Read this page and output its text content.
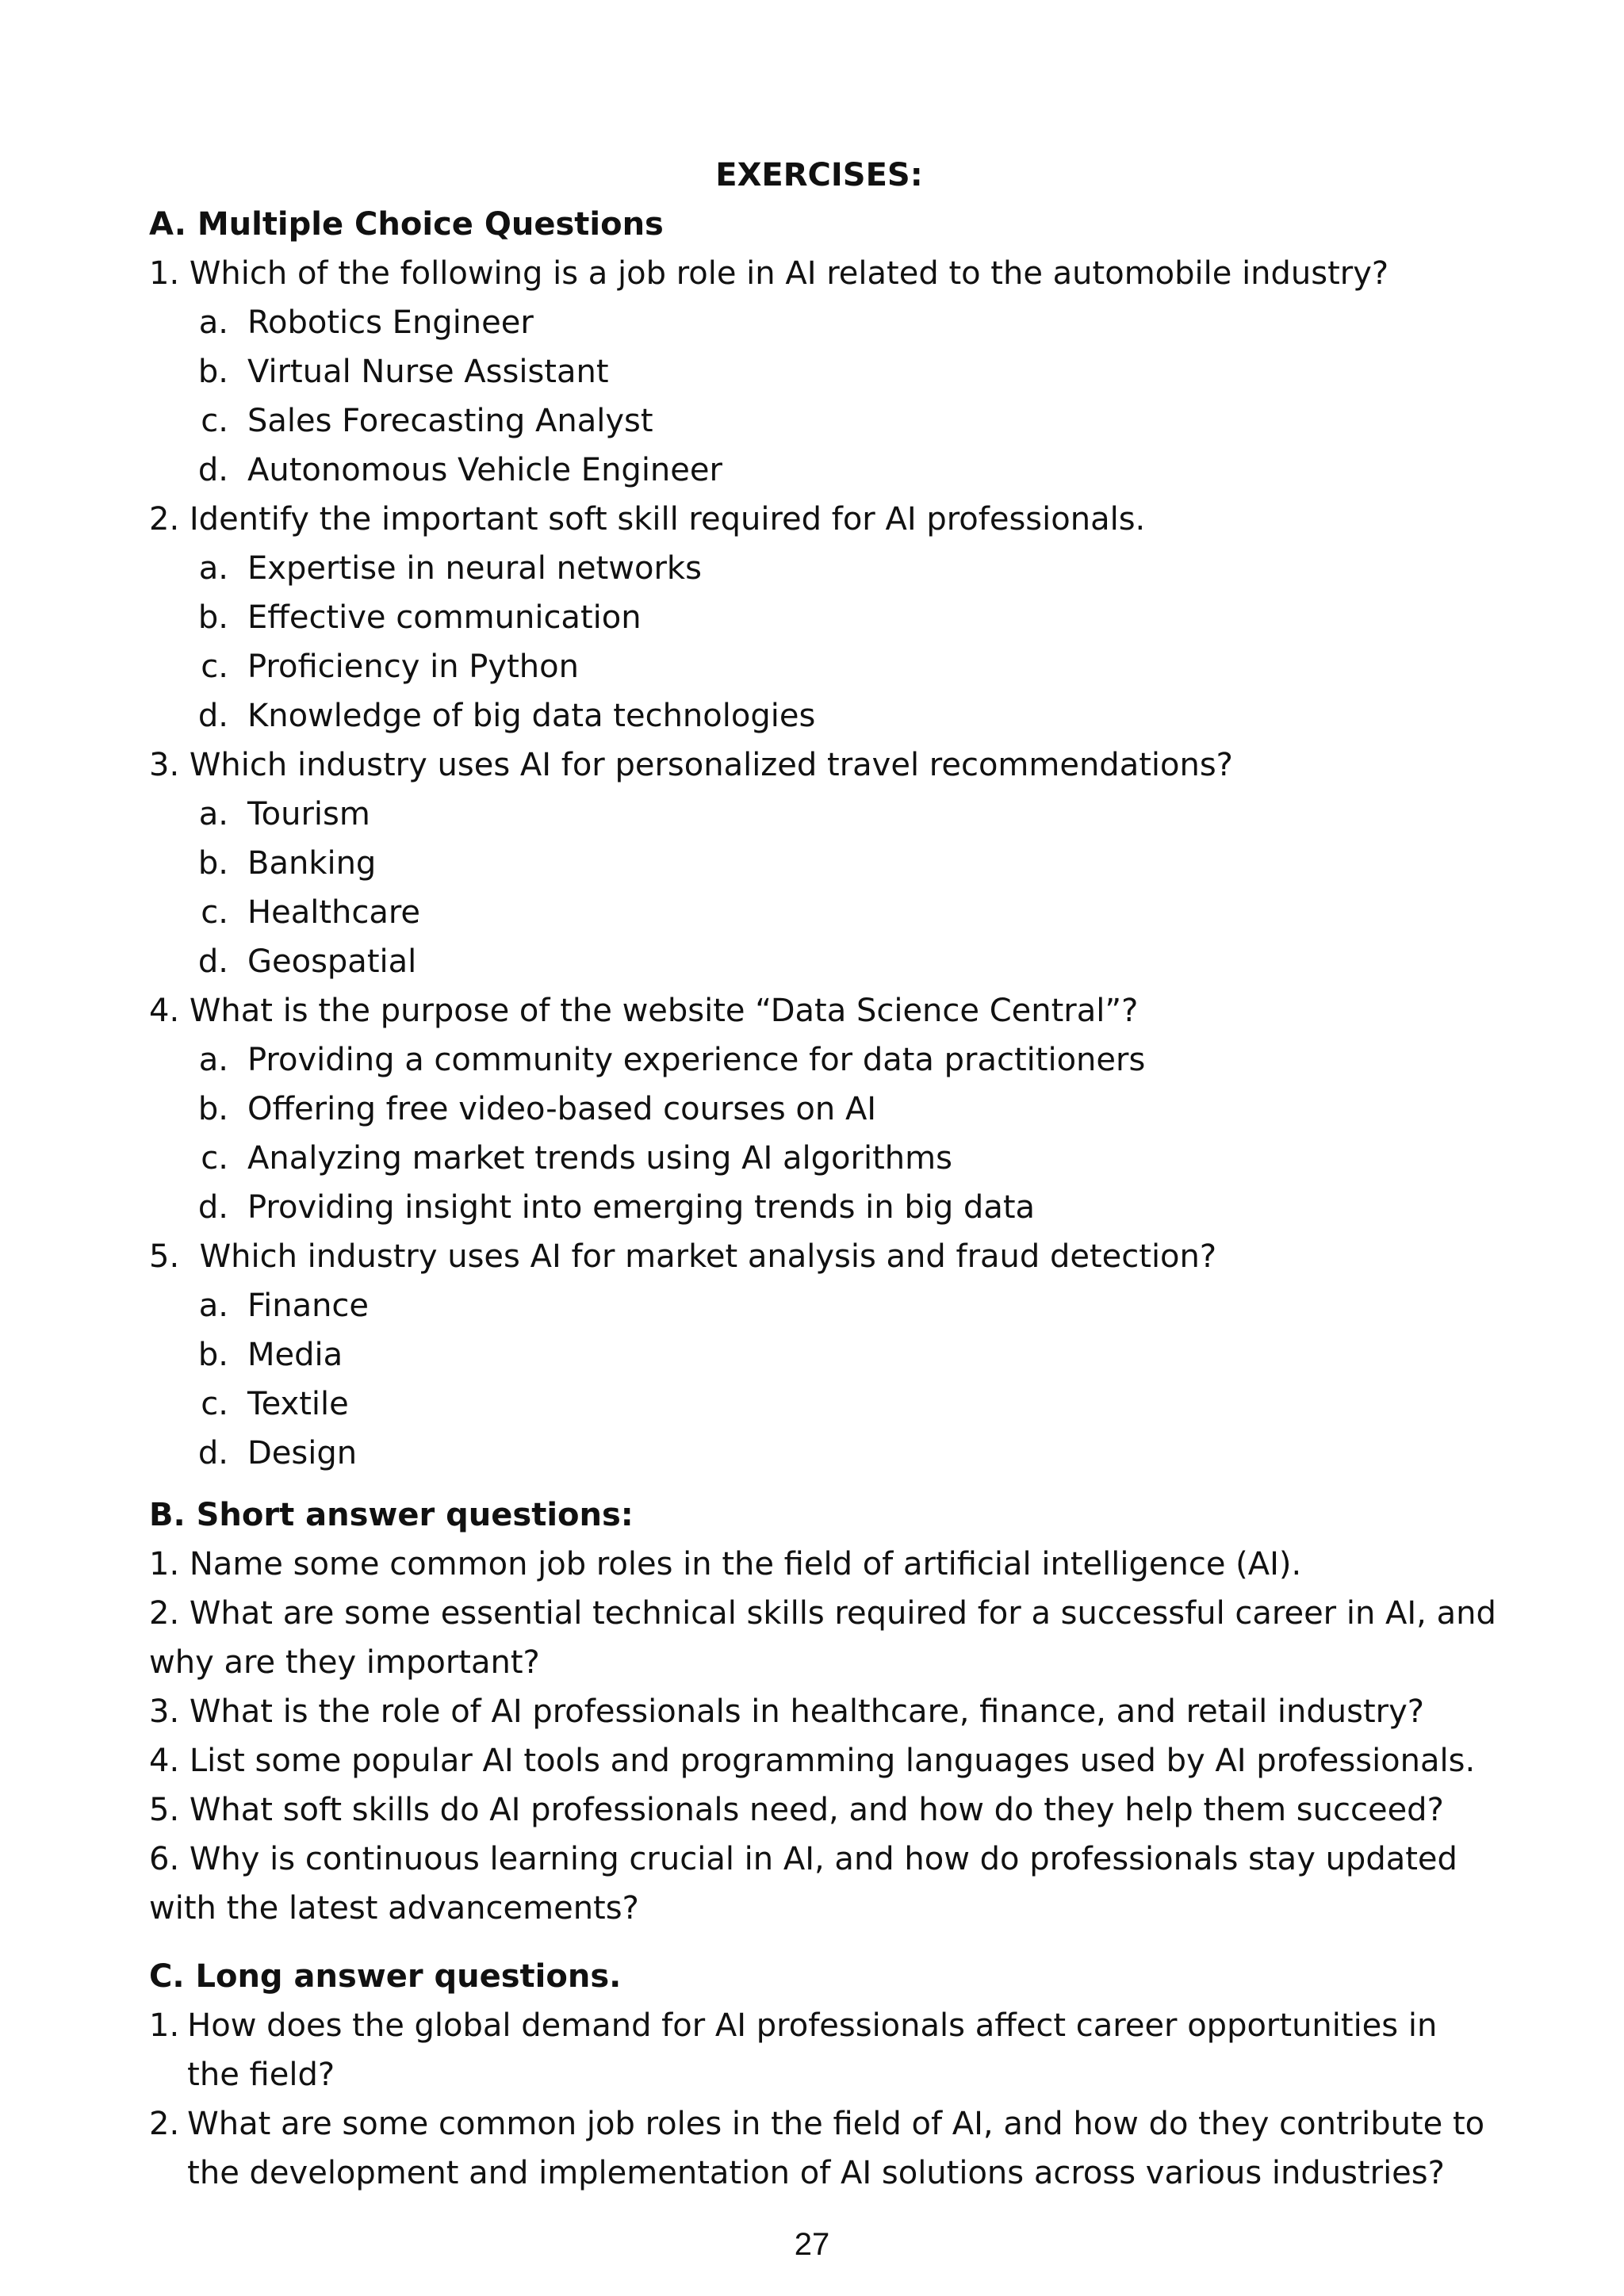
EXERCISES:
A. Multiple Choice Questions
1. Which of the following is a job role in AI related to the automobile industry?
a. Robotics Engineer
b. Virtual Nurse Assistant
c. Sales Forecasting Analyst
d. Autonomous Vehicle Engineer
2. Identify the important soft skill required for AI professionals.
a. Expertise in neural networks
b. Effective communication
c. Proficiency in Python
d. Knowledge of big data technologies
3. Which industry uses AI for personalized travel recommendations?
a. Tourism
b. Banking
c. Healthcare
d. Geospatial
4. What is the purpose of the website “Data Science Central”?
a. Providing a community experience for data practitioners
b. Offering free video-based courses on AI
c. Analyzing market trends using AI algorithms
d. Providing insight into emerging trends in big data
5.  Which industry uses AI for market analysis and fraud detection?
a. Finance
b. Media
c. Textile
d. Design
B. Short answer questions:
1. Name some common job roles in the field of artificial intelligence (AI).
2. What are some essential technical skills required for a successful career in AI, and why are they important?
3. What is the role of AI professionals in healthcare, finance, and retail industry?
4. List some popular AI tools and programming languages used by AI professionals.
5. What soft skills do AI professionals need, and how do they help them succeed?
6. Why is continuous learning crucial in AI, and how do professionals stay updated with the latest advancements?
C. Long answer questions.
1. How does the global demand for AI professionals affect career opportunities in the field?
2. What are some common job roles in the field of AI, and how do they contribute to the development and implementation of AI solutions across various industries?
27
